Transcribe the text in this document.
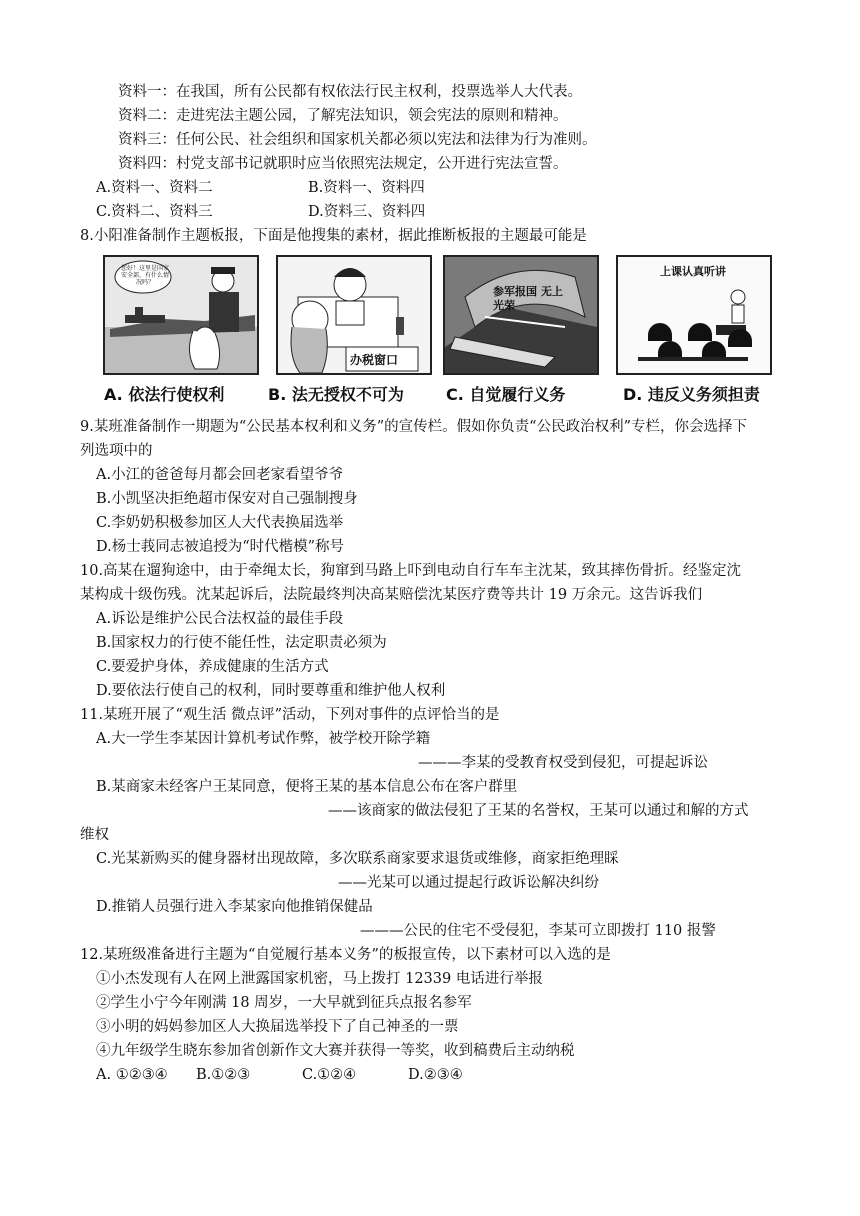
资料一：在我国，所有公民都有权依法行民主权利，投票选举人大代表。
资料二：走进宪法主题公园，了解宪法知识，领会宪法的原则和精神。
资料三：任何公民、社会组织和国家机关都必须以宪法和法律为行为准则。
资料四：村党支部书记就职时应当依照宪法规定，公开进行宪法宣誓。
A.资料一、资料二	B.资料一、资料四
C.资料二、资料三	D.资料三、资料四
8.小阳准备制作主题板报，下面是他搜集的素材，据此推断板报的主题最可能是
您好！这里是国家安全部，有什么情况吗？
办税窗口
参军报国 无上光荣
上课认真听讲
A. 依法行使权利	B. 法无授权不可为	C. 自觉履行义务	D. 违反义务须担责
9.某班准备制作一期题为“公民基本权利和义务”的宣传栏。假如你负责“公民政治权利”专栏，你会选择下
列选项中的
A.小江的爸爸每月都会回老家看望爷爷
B.小凯坚决拒绝超市保安对自己强制搜身
C.李奶奶积极参加区人大代表换届选举
D.杨士莪同志被追授为“时代楷模”称号
10.高某在遛狗途中，由于牵绳太长，狗窜到马路上吓到电动自行车车主沈某，致其摔伤骨折。经鉴定沈
某构成十级伤残。沈某起诉后，法院最终判决高某赔偿沈某医疗费等共计 19 万余元。这告诉我们
A.诉讼是维护公民合法权益的最佳手段
B.国家权力的行使不能任性，法定职责必须为
C.要爱护身体，养成健康的生活方式
D.要依法行使自己的权利，同时要尊重和维护他人权利
11.某班开展了“观生活 微点评”活动，下列对事件的点评恰当的是
A.大一学生李某因计算机考试作弊，被学校开除学籍
———李某的受教育权受到侵犯，可提起诉讼
B.某商家未经客户王某同意，便将王某的基本信息公布在客户群里
——该商家的做法侵犯了王某的名誉权，王某可以通过和解的方式
维权
C.光某新购买的健身器材出现故障，多次联系商家要求退货或维修，商家拒绝理睬
——光某可以通过提起行政诉讼解决纠纷
D.推销人员强行进入李某家向他推销保健品
———公民的住宅不受侵犯，李某可立即拨打 110 报警
12.某班级准备进行主题为“自觉履行基本义务”的板报宣传，以下素材可以入选的是
①小杰发现有人在网上泄露国家机密，马上拨打 12339 电话进行举报
②学生小宁今年刚满 18 周岁，一大早就到征兵点报名参军
③小明的妈妈参加区人大换届选举投下了自己神圣的一票
④九年级学生晓东参加省创新作文大赛并获得一等奖，收到稿费后主动纳税
A. ①②③④ B.①②③	C.①②④	D.②③④
